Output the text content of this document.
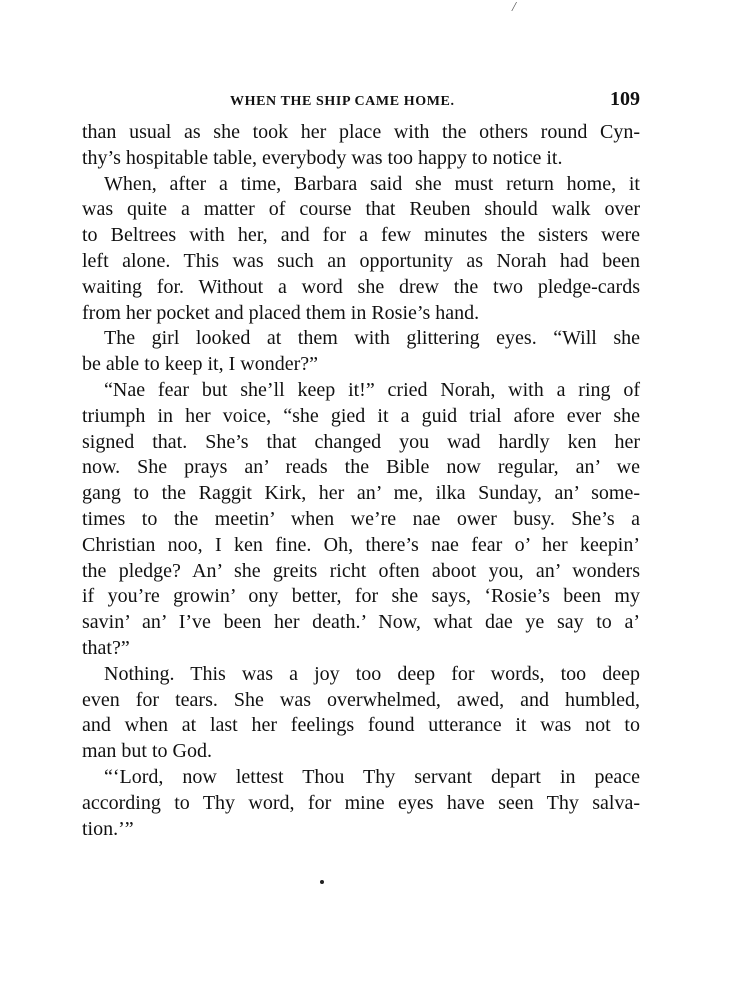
/
WHEN THE SHIP CAME HOME.	109
than usual as she took her place with the others round Cyn-
thy’s hospitable table, everybody was too happy to notice it.
When, after a time, Barbara said she must return home, it
was quite a matter of course that Reuben should walk over
to Beltrees with her, and for a few minutes the sisters were
left alone. This was such an opportunity as Norah had been
waiting for. Without a word she drew the two pledge-cards
from her pocket and placed them in Rosie’s hand.
The girl looked at them with glittering eyes. “Will she
be able to keep it, I wonder?”
“Nae fear but she’ll keep it!” cried Norah, with a ring of
triumph in her voice, “she gied it a guid trial afore ever she
signed that. She’s that changed you wad hardly ken her
now. She prays an’ reads the Bible now regular, an’ we
gang to the Raggit Kirk, her an’ me, ilka Sunday, an’ some-
times to the meetin’ when we’re nae ower busy. She’s a
Christian noo, I ken fine. Oh, there’s nae fear o’ her keepin’
the pledge? An’ she greits richt often aboot you, an’ wonders
if you’re growin’ ony better, for she says, ‘Rosie’s been my
savin’ an’ I’ve been her death.’ Now, what dae ye say to a’
that?”
Nothing. This was a joy too deep for words, too deep
even for tears. She was overwhelmed, awed, and humbled,
and when at last her feelings found utterance it was not to
man but to God.
“‘Lord, now lettest Thou Thy servant depart in peace
according to Thy word, for mine eyes have seen Thy salva-
tion.’”
